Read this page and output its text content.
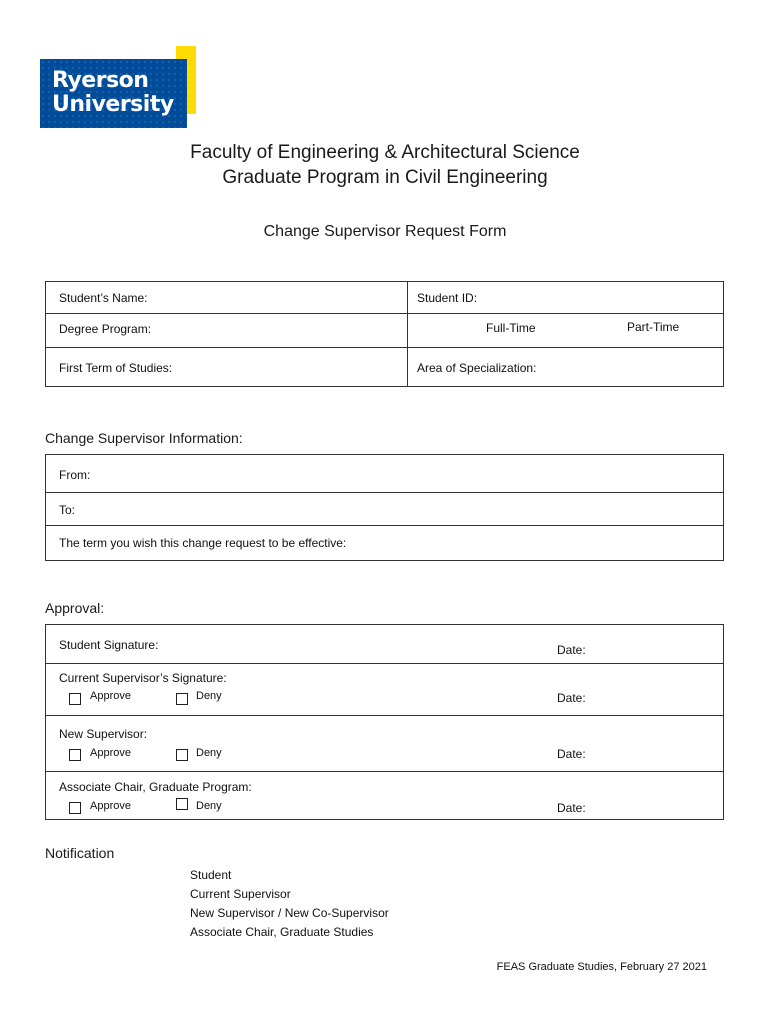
Ryerson
University
Faculty of Engineering & Architectural Science
Graduate Program in Civil Engineering
Change Supervisor Request Form
Student’s Name:	Student ID:
Degree Program:	Full-Time	Part-Time
First Term of Studies:	Area of Specialization:
Change Supervisor Information:
From:
To:
The term you wish this change request to be effective:
Approval:
Student Signature:	Date:
Current Supervisor’s Signature:
Approve	Deny	Date:
New Supervisor:
Approve	Deny	Date:
Associate Chair, Graduate Program:
Approve	Deny	Date:
Notification
Student
Current Supervisor
New Supervisor / New Co-Supervisor
Associate Chair, Graduate Studies
FEAS Graduate Studies, February 27 2021
